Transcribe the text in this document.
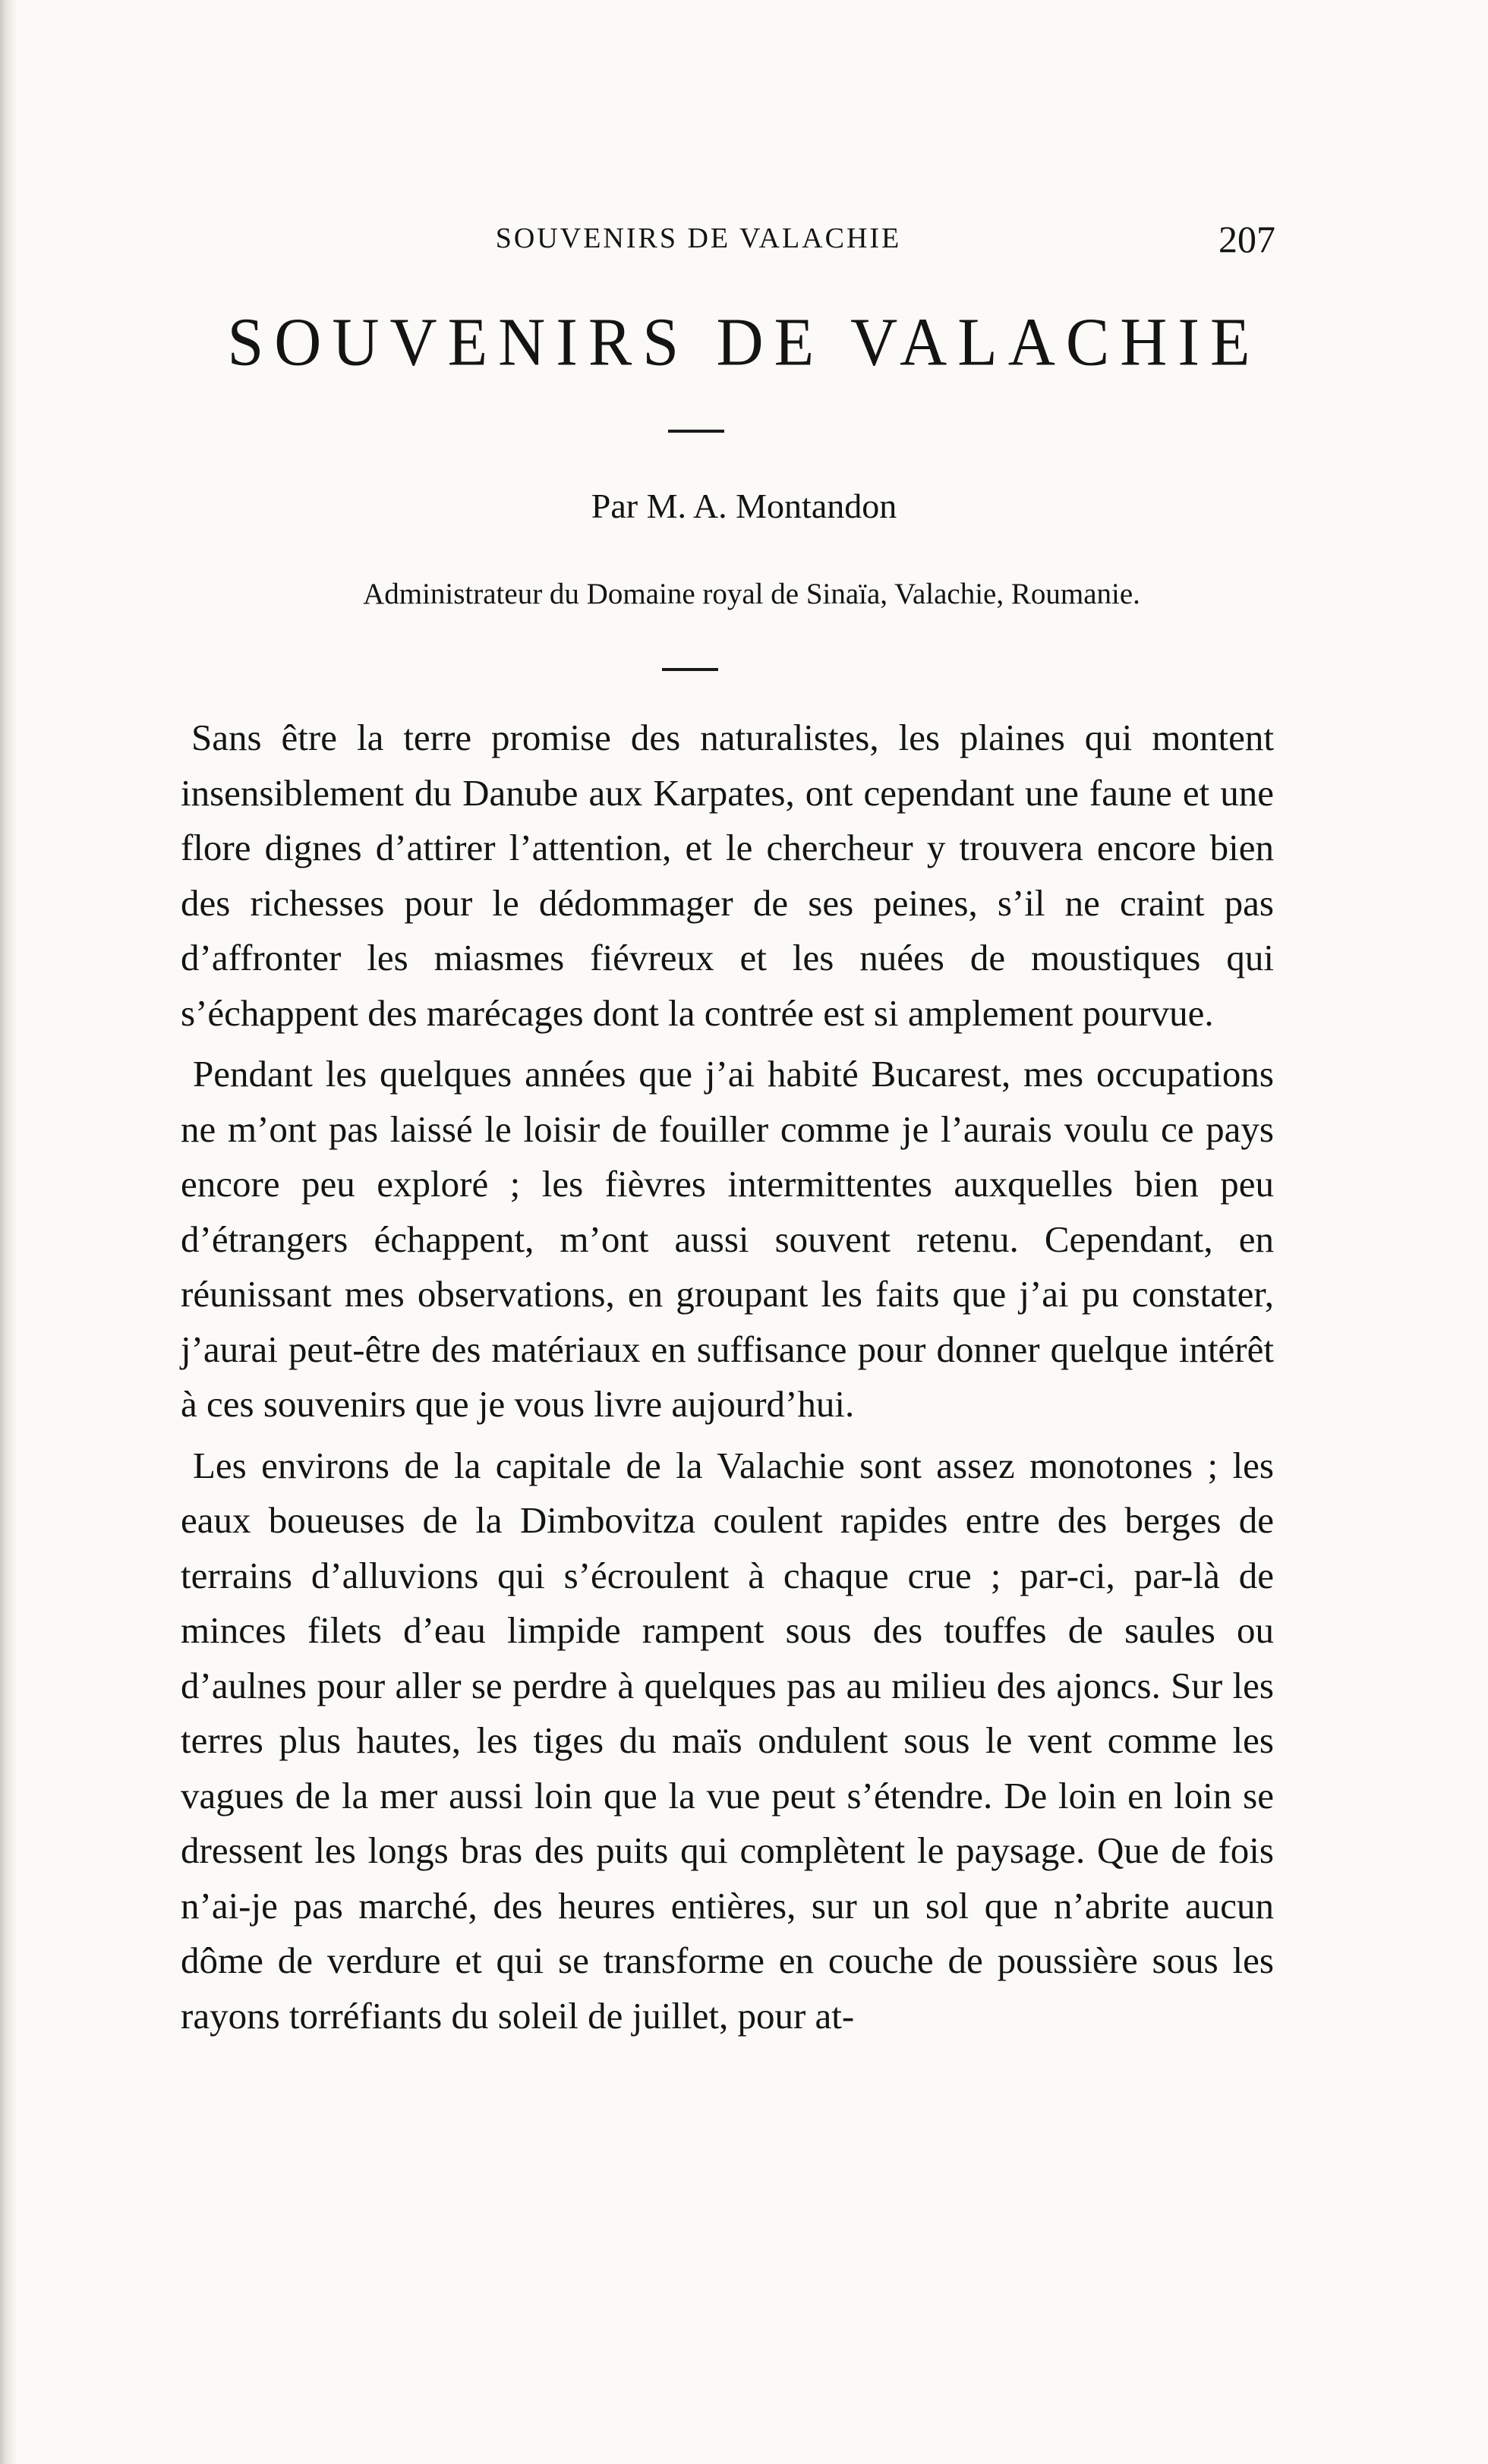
SOUVENIRS DE VALACHIE	207
SOUVENIRS DE VALACHIE
Par M. A. Montandon
Administrateur du Domaine royal de Sinaïa, Valachie, Roumanie.

Sans être la terre promise des naturalistes, les plaines qui montent insensiblement du Danube aux Karpates, ont cependant une faune et une flore dignes d’attirer l’attention, et le chercheur y trouvera encore bien des richesses pour le dédommager de ses peines, s’il ne craint pas d’affronter les miasmes fiévreux et les nuées de moustiques qui s’échappent des marécages dont la contrée est si amplement pourvue.

Pendant les quelques années que j’ai habité Bucarest, mes occupations ne m’ont pas laissé le loisir de fouiller comme je l’aurais voulu ce pays encore peu exploré ; les fièvres intermittentes auxquelles bien peu d’étrangers échappent, m’ont aussi souvent retenu. Cependant, en réunissant mes observations, en groupant les faits que j’ai pu constater, j’aurai peut-être des matériaux en suffisance pour donner quelque intérêt à ces souvenirs que je vous livre aujourd’hui.

Les environs de la capitale de la Valachie sont assez monotones ; les eaux boueuses de la Dimbovitza coulent rapides entre des berges de terrains d’alluvions qui s’écroulent à chaque crue ; par-ci, par-là de minces filets d’eau limpide rampent sous des touffes de saules ou d’aulnes pour aller se perdre à quelques pas au milieu des ajoncs. Sur les terres plus hautes, les tiges du maïs ondulent sous le vent comme les vagues de la mer aussi loin que la vue peut s’étendre. De loin en loin se dressent les longs bras des puits qui complètent le paysage. Que de fois n’ai-je pas marché, des heures entières, sur un sol que n’abrite aucun dôme de verdure et qui se transforme en couche de poussière sous les rayons torréfiants du soleil de juillet, pour at-
